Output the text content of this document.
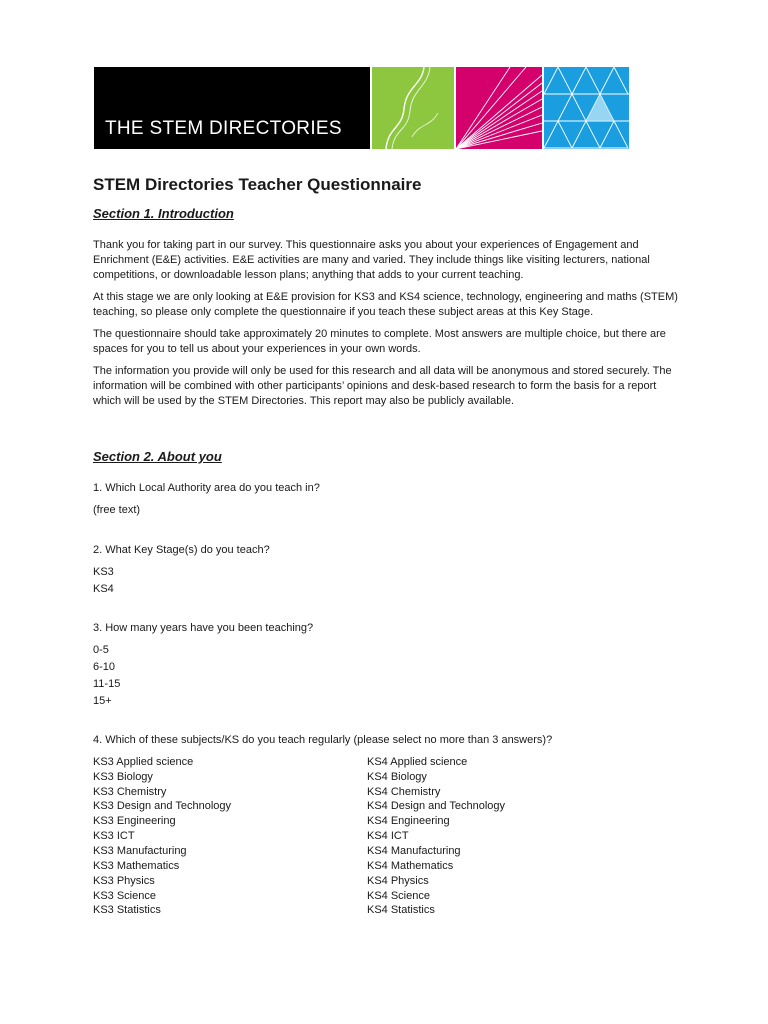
THE STEM DIRECTORIES
STEM Directories Teacher Questionnaire
Section 1. Introduction

Thank you for taking part in our survey. This questionnaire asks you about your experiences of Engagement and Enrichment (E&E) activities. E&E activities are many and varied. They include things like visiting lecturers, national competitions, or downloadable lesson plans; anything that adds to your current teaching.

At this stage we are only looking at E&E provision for KS3 and KS4 science, technology, engineering and maths (STEM) teaching, so please only complete the questionnaire if you teach these subject areas at this Key Stage.

The questionnaire should take approximately 20 minutes to complete. Most answers are multiple choice, but there are spaces for you to tell us about your experiences in your own words.

The information you provide will only be used for this research and all data will be anonymous and stored securely. The information will be combined with other participants’ opinions and desk-based research to form the basis for a report which will be used by the STEM Directories. This report may also be publicly available.

Section 2. About you

1. Which Local Authority area do you teach in?

(free text)

2. What Key Stage(s) do you teach?

KS3

KS4

3. How many years have you been teaching?

0-5

6-10

11-15

15+

4. Which of these subjects/KS do you teach regularly (please select no more than 3 answers)?

KS3 Applied science

KS3 Biology

KS3 Chemistry

KS3 Design and Technology

KS3 Engineering

KS3 ICT

KS3 Manufacturing

KS3 Mathematics

KS3 Physics

KS3 Science

KS3 Statistics

KS4 Applied science

KS4 Biology

KS4 Chemistry

KS4 Design and Technology

KS4 Engineering

KS4 ICT

KS4 Manufacturing

KS4 Mathematics

KS4 Physics

KS4 Science

KS4 Statistics
